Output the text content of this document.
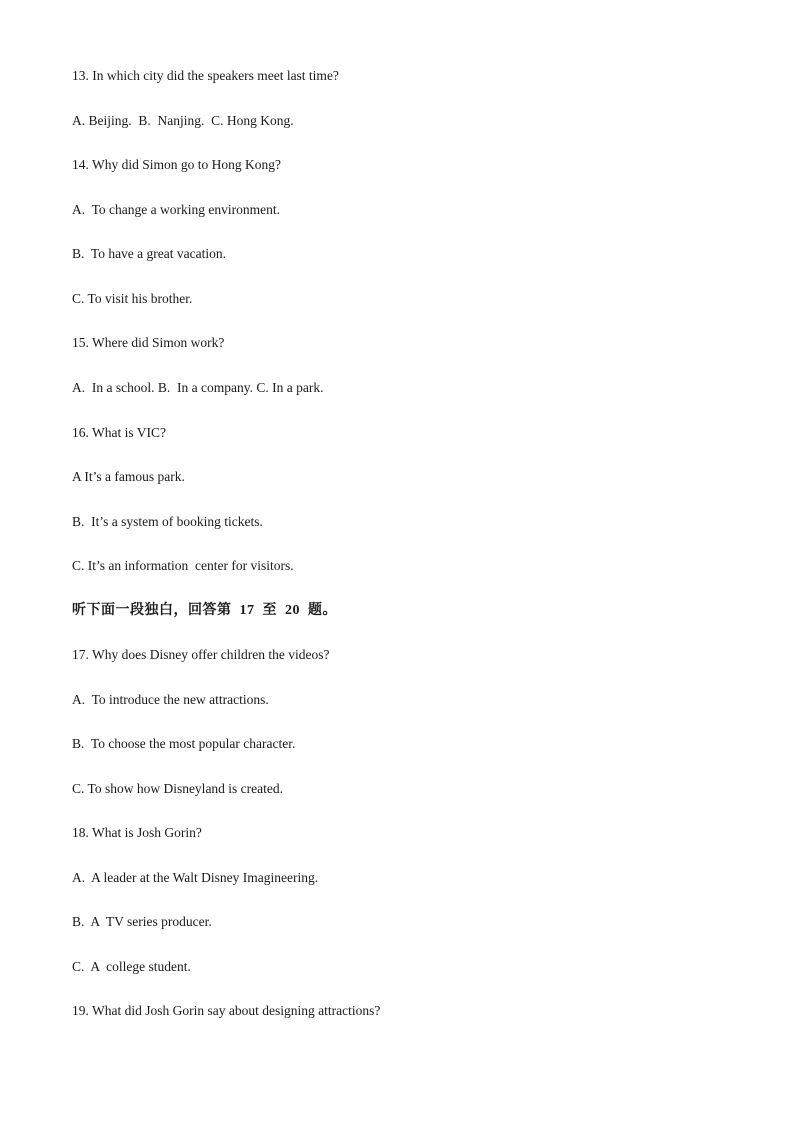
13. In which city did the speakers meet last time?
A. Beijing.  B.  Nanjing.  C. Hong Kong.
14. Why did Simon go to Hong Kong?
A.  To change a working environment.
B.  To have a great vacation.
C. To visit his brother.
15. Where did Simon work?
A.  In a school. B.  In a company. C. In a park.
16. What is VIC?
A It’s a famous park.
B.  It’s a system of booking tickets.
C. It’s an information  center for visitors.
听下面一段独白，回答第  17  至  20  题。
17. Why does Disney offer children the videos?
A.  To introduce the new attractions.
B.  To choose the most popular character.
C. To show how Disneyland is created.
18. What is Josh Gorin?
A.  A leader at the Walt Disney Imagineering.
B.  A  TV series producer.
C.  A  college student.
19. What did Josh Gorin say about designing attractions?
